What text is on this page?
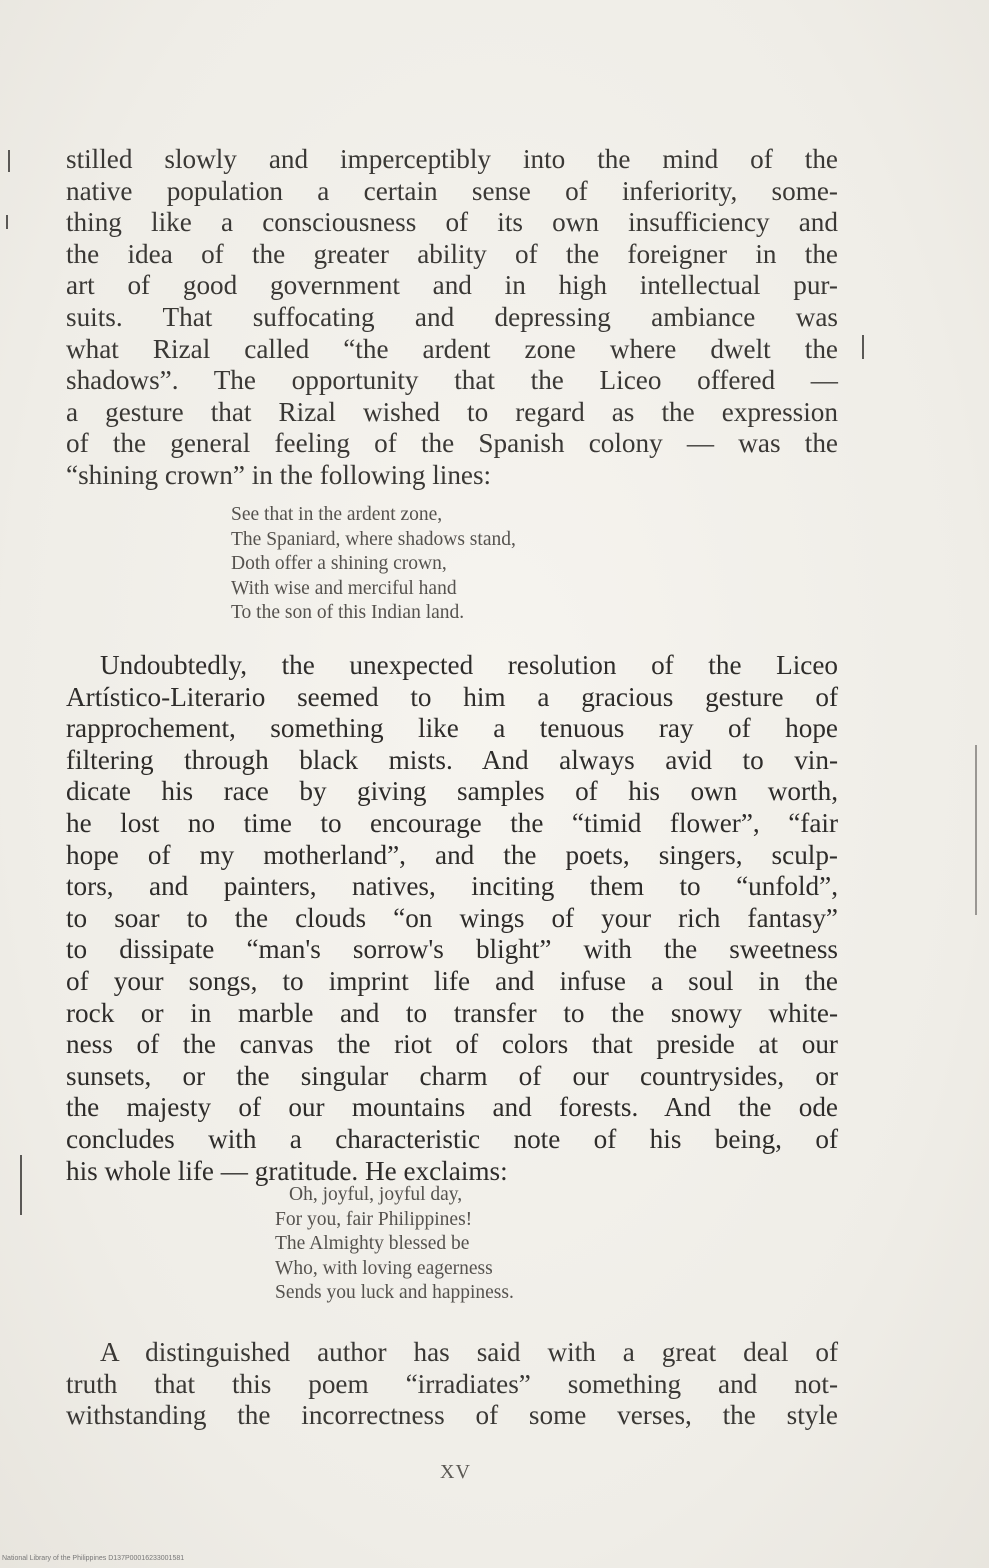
stilled slowly and imperceptibly into the mind of the
native population a certain sense of inferiority, some-
thing like a consciousness of its own insufficiency and
the idea of the greater ability of the foreigner in the
art of good government and in high intellectual pur-
suits. That suffocating and depressing ambiance was
what Rizal called “the ardent zone where dwelt the
shadows”. The opportunity that the Liceo offered —
a gesture that Rizal wished to regard as the expression
of the general feeling of the Spanish colony — was the
“shining crown” in the following lines:
See that in the ardent zone,
The Spaniard, where shadows stand,
Doth offer a shining crown,
With wise and merciful hand
To the son of this Indian land.
Undoubtedly, the unexpected resolution of the Liceo
Artístico-Literario seemed to him a gracious gesture of
rapprochement, something like a tenuous ray of hope
filtering through black mists. And always avid to vin-
dicate his race by giving samples of his own worth,
he lost no time to encourage the “timid flower”, “fair
hope of my motherland”, and the poets, singers, sculp-
tors, and painters, natives, inciting them to “unfold”,
to soar to the clouds “on wings of your rich fantasy”
to dissipate “man's sorrow's blight” with the sweetness
of your songs, to imprint life and infuse a soul in the
rock or in marble and to transfer to the snowy white-
ness of the canvas the riot of colors that preside at our
sunsets, or the singular charm of our countrysides, or
the majesty of our mountains and forests. And the ode
concludes with a characteristic note of his being, of
his whole life — gratitude. He exclaims:
Oh, joyful, joyful day,
For you, fair Philippines!
The Almighty blessed be
Who, with loving eagerness
Sends you luck and happiness.
A distinguished author has said with a great deal of
truth that this poem “irradiates” something and not-
withstanding the incorrectness of some verses, the style
XV
National Library of the Philippines D137P00016233001581
